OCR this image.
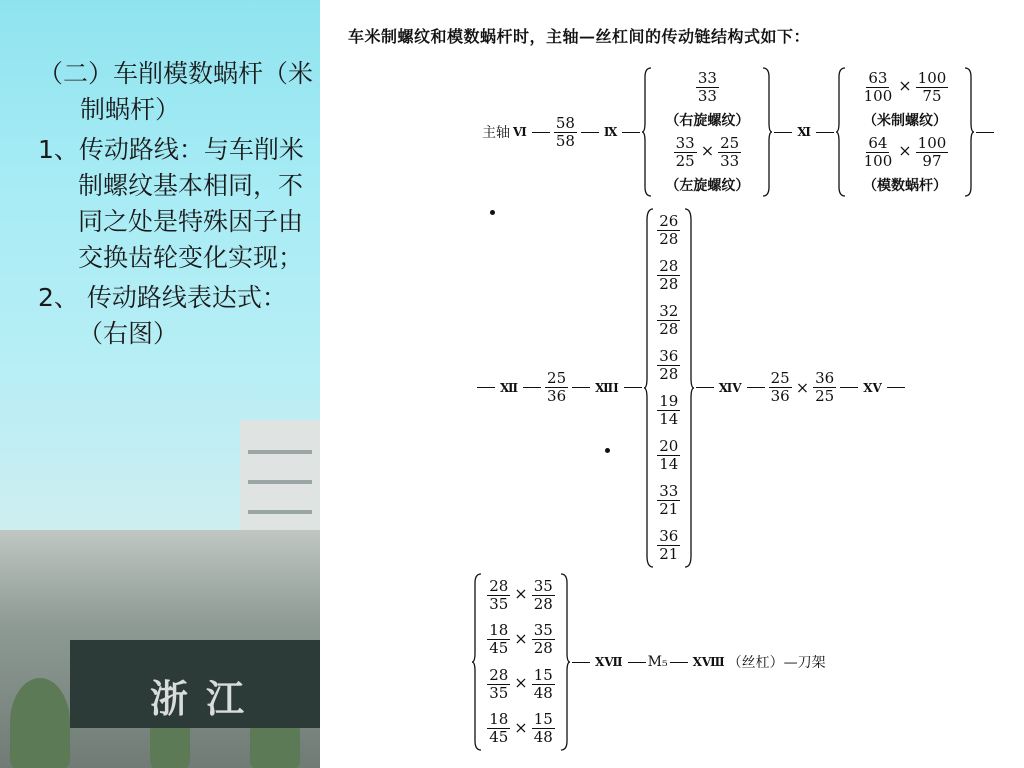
浙江
（二）车削模数蜗杆（米制蜗杆）
1、传动路线：与车削米制螺纹基本相同，不同之处是特殊因子由交换齿轮变化实现；
2、 传动路线表达式：（右图）
车米制螺纹和模数蜗杆时，主轴—丝杠间的传动链结构式如下：
主轴 Ⅵ $\frac{58}{58}$ Ⅸ
$\frac{33}{33}$
（右旋螺纹）
$\frac{33}{25} \times \frac{25}{33}$
（左旋螺纹）
Ⅺ
$\frac{63}{100} \times \frac{100}{75}$
（米制螺纹）
$\frac{64}{100} \times \frac{100}{97}$
（模数蜗杆）
Ⅻ $\frac{25}{36}$ ⅫⅠ
$\frac{26}{28}$
$\frac{28}{28}$
$\frac{32}{28}$
$\frac{36}{28}$
$\frac{19}{14}$
$\frac{20}{14}$
$\frac{33}{21}$
$\frac{36}{21}$
ⅪⅤ $\frac{25}{36} \times \frac{36}{25}$ ⅩⅤ
$\frac{28}{35} \times \frac{35}{28}$
$\frac{18}{45} \times \frac{35}{28}$
$\frac{28}{35} \times \frac{15}{48}$
$\frac{18}{45} \times \frac{15}{48}$
ⅩⅦ M₅ ⅩⅧ （丝杠）—刀架
